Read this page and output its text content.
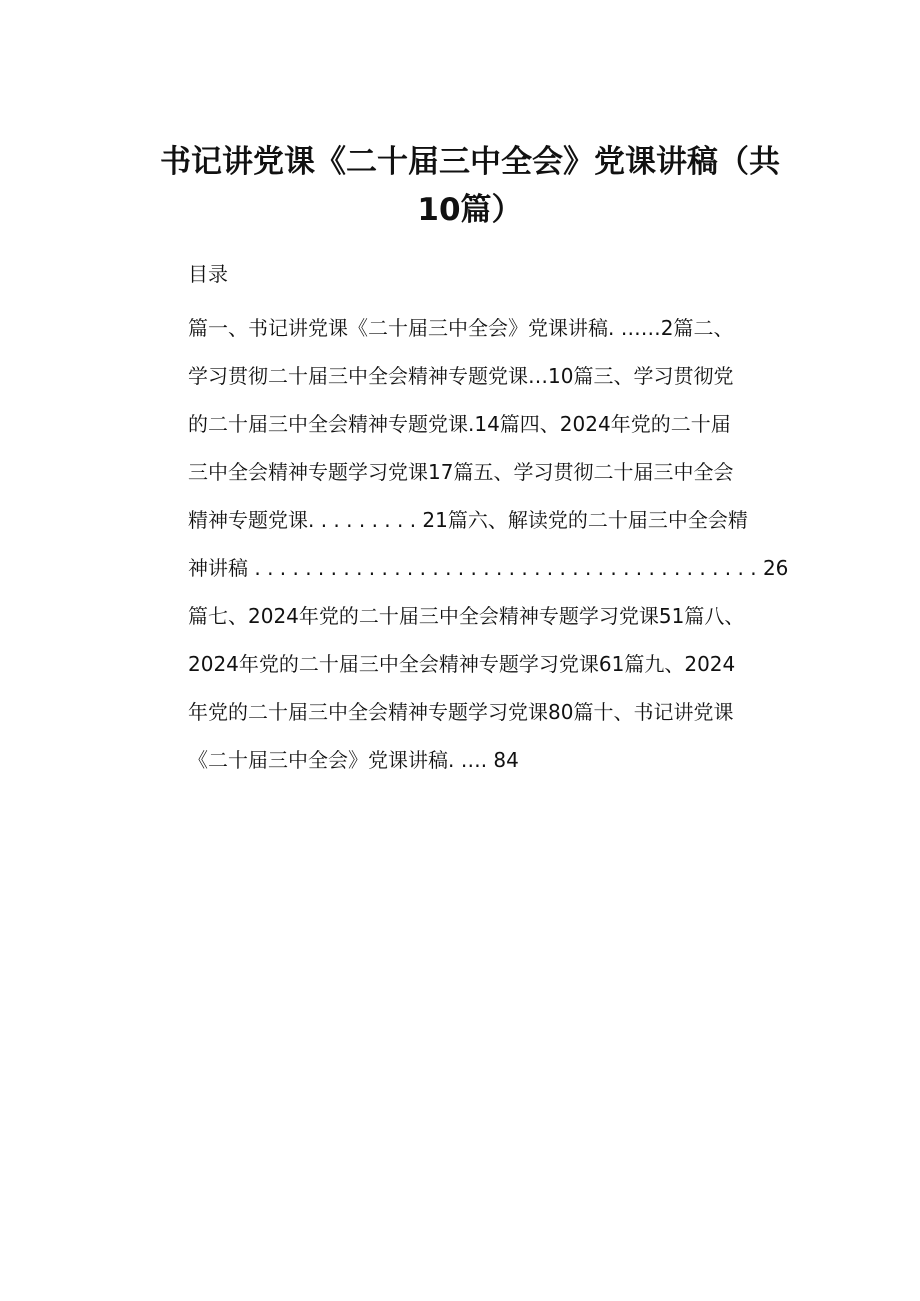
书记讲党课《二十届三中全会》党课讲稿（共
10篇）
目录
篇一、书记讲党课《二十届三中全会》党课讲稿. ……2篇二、
学习贯彻二十届三中全会精神专题党课…10篇三、学习贯彻党
的二十届三中全会精神专题党课.14篇四、2024年党的二十届
三中全会精神专题学习党课17篇五、学习贯彻二十届三中全会
精神专题党课. . . . . . . . . 21篇六、解读党的二十届三中全会精
神讲稿 . . . . . . . . . . . . . . . . . . . . . . . . . . . . . . . . . . . . . . . . 26
篇七、2024年党的二十届三中全会精神专题学习党课51篇八、
2024年党的二十届三中全会精神专题学习党课61篇九、2024
年党的二十届三中全会精神专题学习党课80篇十、书记讲党课
《二十届三中全会》党课讲稿. …. 84
